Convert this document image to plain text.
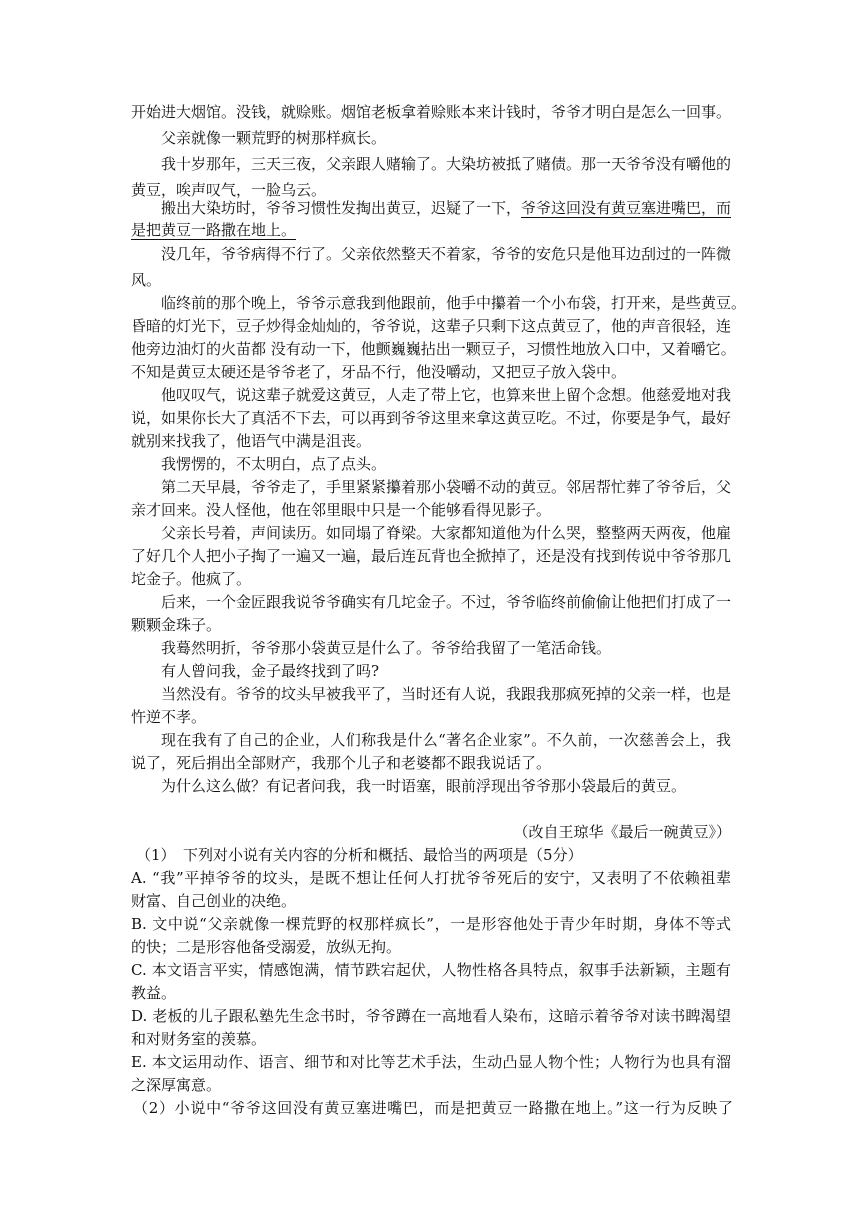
开始进大烟馆。没钱，就赊账。烟馆老板拿着赊账本来计钱时，爷爷才明白是怎么一回事。
父亲就像一颗荒野的树那样疯长。
我十岁那年，三天三夜，父亲跟人赌输了。大染坊被抵了赌债。那一天爷爷没有嚼他的
黄豆，唉声叹气，一脸乌云。
搬出大染坊时，爷爷习惯性发掏出黄豆，迟疑了一下， 爷爷这回没有黄豆塞进嘴巴，而
是把黄豆一路撒在地上。
没几年，爷爷病得不行了。父亲依然整天不着家，爷爷的安危只是他耳边刮过的一阵微
风。
临终前的那个晚上，爷爷示意我到他跟前，他手中攥着一个小布袋，打开来，是些黄豆。
昏暗的灯光下，豆子炒得金灿灿的，爷爷说，这辈子只剩下这点黄豆了，他的声音很轻，连
他旁边油灯的火苗都 没有动一下，他颤巍巍拈出一颗豆子，习惯性地放入口中，又着嚼它。
不知是黄豆太硬还是爷爷老了，牙品不行，他没嚼动，又把豆子放入袋中。
他叹叹气，说这辈子就爱这黄豆，人走了带上它，也算来世上留个念想。他慈爱地对我
说，如果你长大了真活不下去，可以再到爷爷这里来拿这黄豆吃。不过，你要是争气，最好
就别来找我了，他语气中满是沮丧。
我愣愣的，不太明白，点了点头。
第二天早晨，爷爷走了，手里紧紧攥着那小袋嚼不动的黄豆。邻居帮忙葬了爷爷后，父
亲才回来。没人怪他，他在邻里眼中只是一个能够看得见影子。
父亲长号着，声间读历。如同塌了脊梁。大家都知道他为什么哭，整整两天两夜，他雇
了好几个人把小子掏了一遍又一遍，最后连瓦背也全掀掉了，还是没有找到传说中爷爷那几
坨金子。他疯了。
后来，一个金匠跟我说爷爷确实有几坨金子。不过，爷爷临终前偷偷让他把们打成了一
颗颗金珠子。
我蓦然明折，爷爷那小袋黄豆是什么了。爷爷给我留了一笔活命钱。
有人曾问我，金子最终找到了吗?
当然没有。爷爷的坟头早被我平了，当时还有人说，我跟我那疯死掉的父亲一样，也是
忤逆不孝。
现在我有了自己的企业，人们称我是什么“著名企业家”。不久前，一次慈善会上，我
说了，死后捐出全部财产，我那个儿子和老婆都不跟我说话了。
为什么这么做？有记者问我，我一时语塞，眼前浮现出爷爷那小袋最后的黄豆。
（改自王琼华《最后一碗黄豆》）
（1）　下列对小说有关内容的分析和概括、最恰当的两项是（5分）
A. “我”平掉爷爷的坟头，是既不想让任何人打扰爷爷死后的安宁，又表明了不依赖祖辈
财富、自己创业的决绝。
B. 文中说“父亲就像一棵荒野的权那样疯长”，一是形容他处于青少年时期，身体不等式
的快；二是形容他备受溺爱，放纵无拘。
C. 本文语言平实，情感饱满，情节跌宕起伏，人物性格各具特点，叙事手法新颖，主题有
教益。
D. 老板的儿子跟私塾先生念书时，爷爷蹲在一高地看人染布，这暗示着爷爷对读书睥渴望
和对财务室的羡慕。
E. 本文运用动作、语言、细节和对比等艺术手法，生动凸显人物个性；人物行为也具有溜
之深厚寓意。
（2）小说中“爷爷这回没有黄豆塞进嘴巴，而是把黄豆一路撒在地上。”这一行为反映了
